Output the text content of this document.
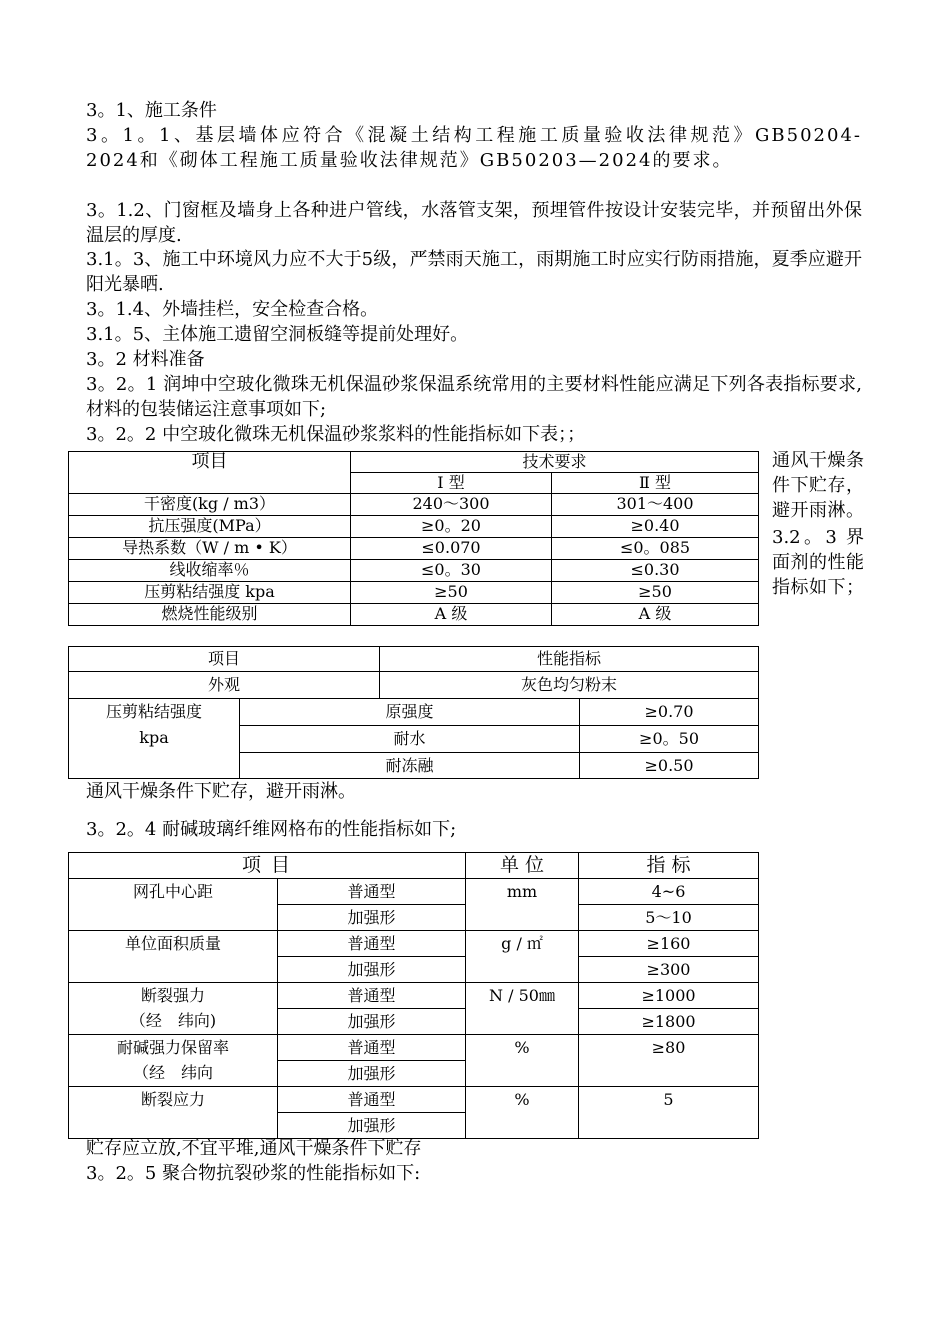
3。1、施工条件
3。1。1、基层墙体应符合《混凝土结构工程施工质量验收法律规范》GB50204-2024和《砌体工程施工质量验收法律规范》GB50203—2024的要求。
3。1.2、门窗框及墙身上各种进户管线，水落管支架，预埋管件按设计安装完毕，并预留出外保温层的厚度.
3.1。3、施工中环境风力应不大于5级，严禁雨天施工，雨期施工时应实行防雨措施，夏季应避开阳光暴晒.
3。1.4、外墙挂栏，安全检查合格。
3.1。5、主体施工遗留空洞板缝等提前处理好。
3。2 材料准备
3。2。1 润坤中空玻化微珠无机保温砂浆保温系统常用的主要材料性能应满足下列各表指标要求,材料的包装储运注意事项如下;
3。2。2 中空玻化微珠无机保温砂浆浆料的性能指标如下表；；
通风干燥条件下贮存，避开雨淋。
3.2。3 界面剂的性能指标如下；
项目	技术要求	
	Ⅰ 型	Ⅱ 型
干密度(kg / m3）	240～300	301～400
抗压强度(MPa）	≥0。20	≥0.40
导热系数（W / m • K）	≤0.070	≤0。085
线收缩率％	≤0。30	≤0.30
压剪粘结强度 kpa	≥50	≥50
燃烧性能级别	A 级	A 级
项目		性能指标	
外观		灰色均匀粉末	

压剪粘结强度
kpa	原强度		≥0.70
	耐水		≥0。50
	耐冻融		≥0.50
通风干燥条件下贮存，避开雨淋。
3。2。4 耐碱玻璃纤维网格布的性能指标如下;
项 目		单 位	指 标

网孔中心距	普通型	mm	4~6
	加强形		5～10

单位面积质量	普通型	g / ㎡	≥160
	加强形		≥300

断裂强力
（经　纬向)	普通型	N / 50㎜	≥1000
	加强形		≥1800

耐碱强力保留率
（经　纬向	普通型	%	≥80
	加强形		

断裂应力	普通型	%	5
	加强形		
贮存应立放,不宜平堆,通风干燥条件下贮存
3。2。5 聚合物抗裂砂浆的性能指标如下:
